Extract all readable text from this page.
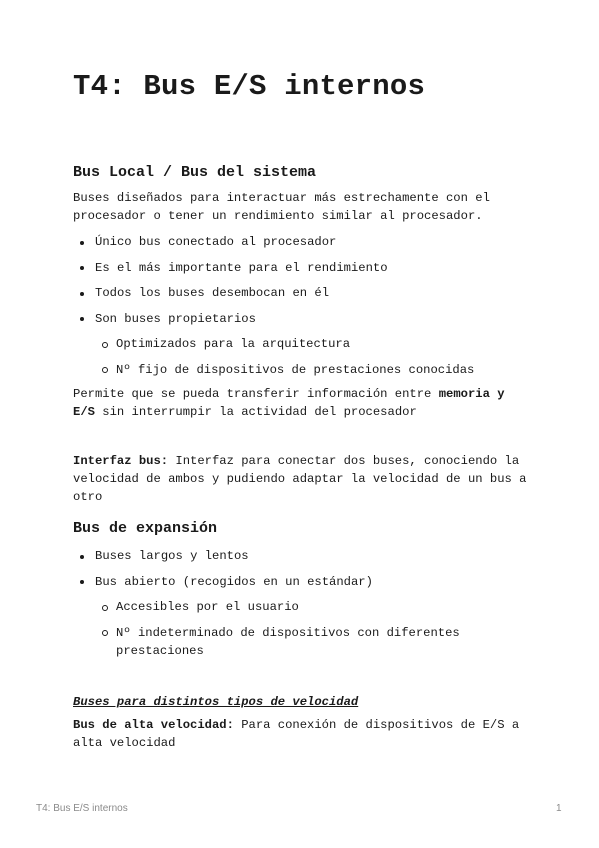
T4: Bus E/S internos
Bus Local / Bus del sistema

Buses diseñados para interactuar más estrechamente con el

procesador o tener un rendimiento similar al procesador.

Único bus conectado al procesador
Es el más importante para el rendimiento
Todos los buses desembocan en él
Son buses propietarios
Optimizados para la arquitectura
Nº fijo de dispositivos de prestaciones conocidas

Permite que se pueda transferir información entre memoria y

E/S sin interrumpir la actividad del procesador

Interfaz bus: Interfaz para conectar dos buses, conociendo la

velocidad de ambos y pudiendo adaptar la velocidad de un bus a

otro

Bus de expansión
Buses largos y lentos
Bus abierto (recogidos en un estándar)
Accesibles por el usuario
Nº indeterminado de dispositivos con diferentes prestaciones
Buses para distintos tipos de velocidad

Bus de alta velocidad: Para conexión de dispositivos de E/S a

alta velocidad

T4: Bus E/S internos	1
